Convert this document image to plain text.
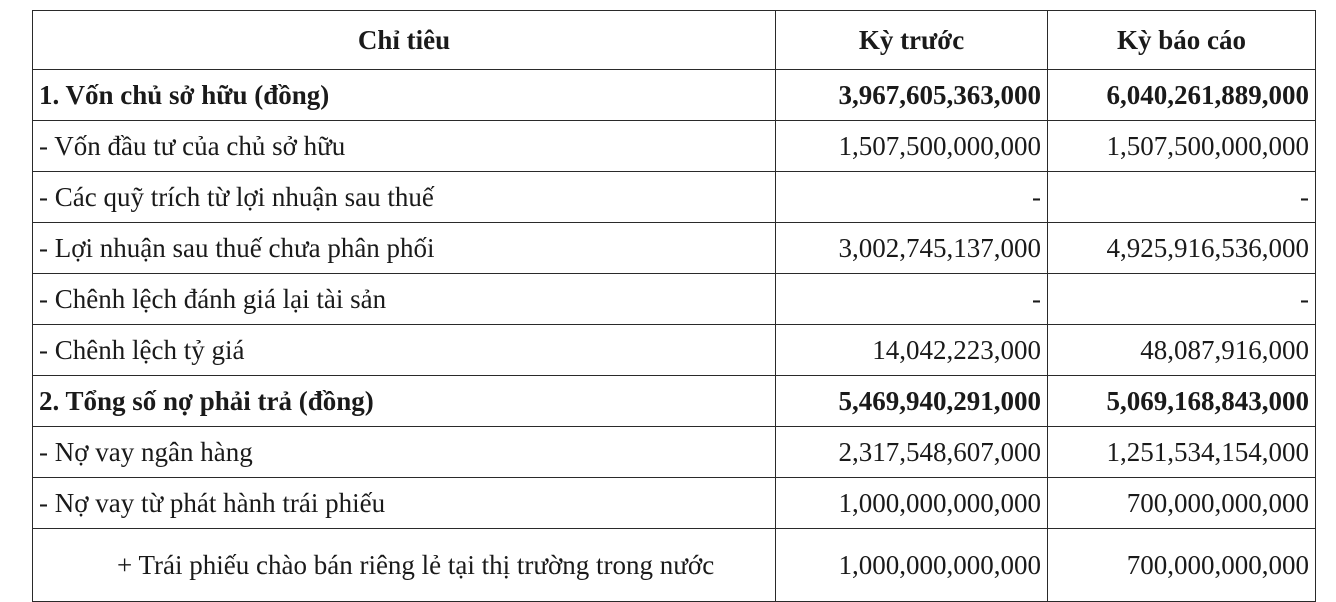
Chỉ tiêu	Kỳ trước	Kỳ báo cáo
1. Vốn chủ sở hữu (đồng)	3,967,605,363,000	6,040,261,889,000
- Vốn đầu tư của chủ sở hữu	1,507,500,000,000	1,507,500,000,000
- Các quỹ trích từ lợi nhuận sau thuế	-	-
- Lợi nhuận sau thuế chưa phân phối	3,002,745,137,000	4,925,916,536,000
- Chênh lệch đánh giá lại tài sản	-	-
- Chênh lệch tỷ giá	14,042,223,000	48,087,916,000
2. Tổng số nợ phải trả (đồng)	5,469,940,291,000	5,069,168,843,000
- Nợ vay ngân hàng	2,317,548,607,000	1,251,534,154,000
- Nợ vay từ phát hành trái phiếu	1,000,000,000,000	700,000,000,000
+ Trái phiếu chào bán riêng lẻ tại thị trường trong nước	1,000,000,000,000	700,000,000,000
